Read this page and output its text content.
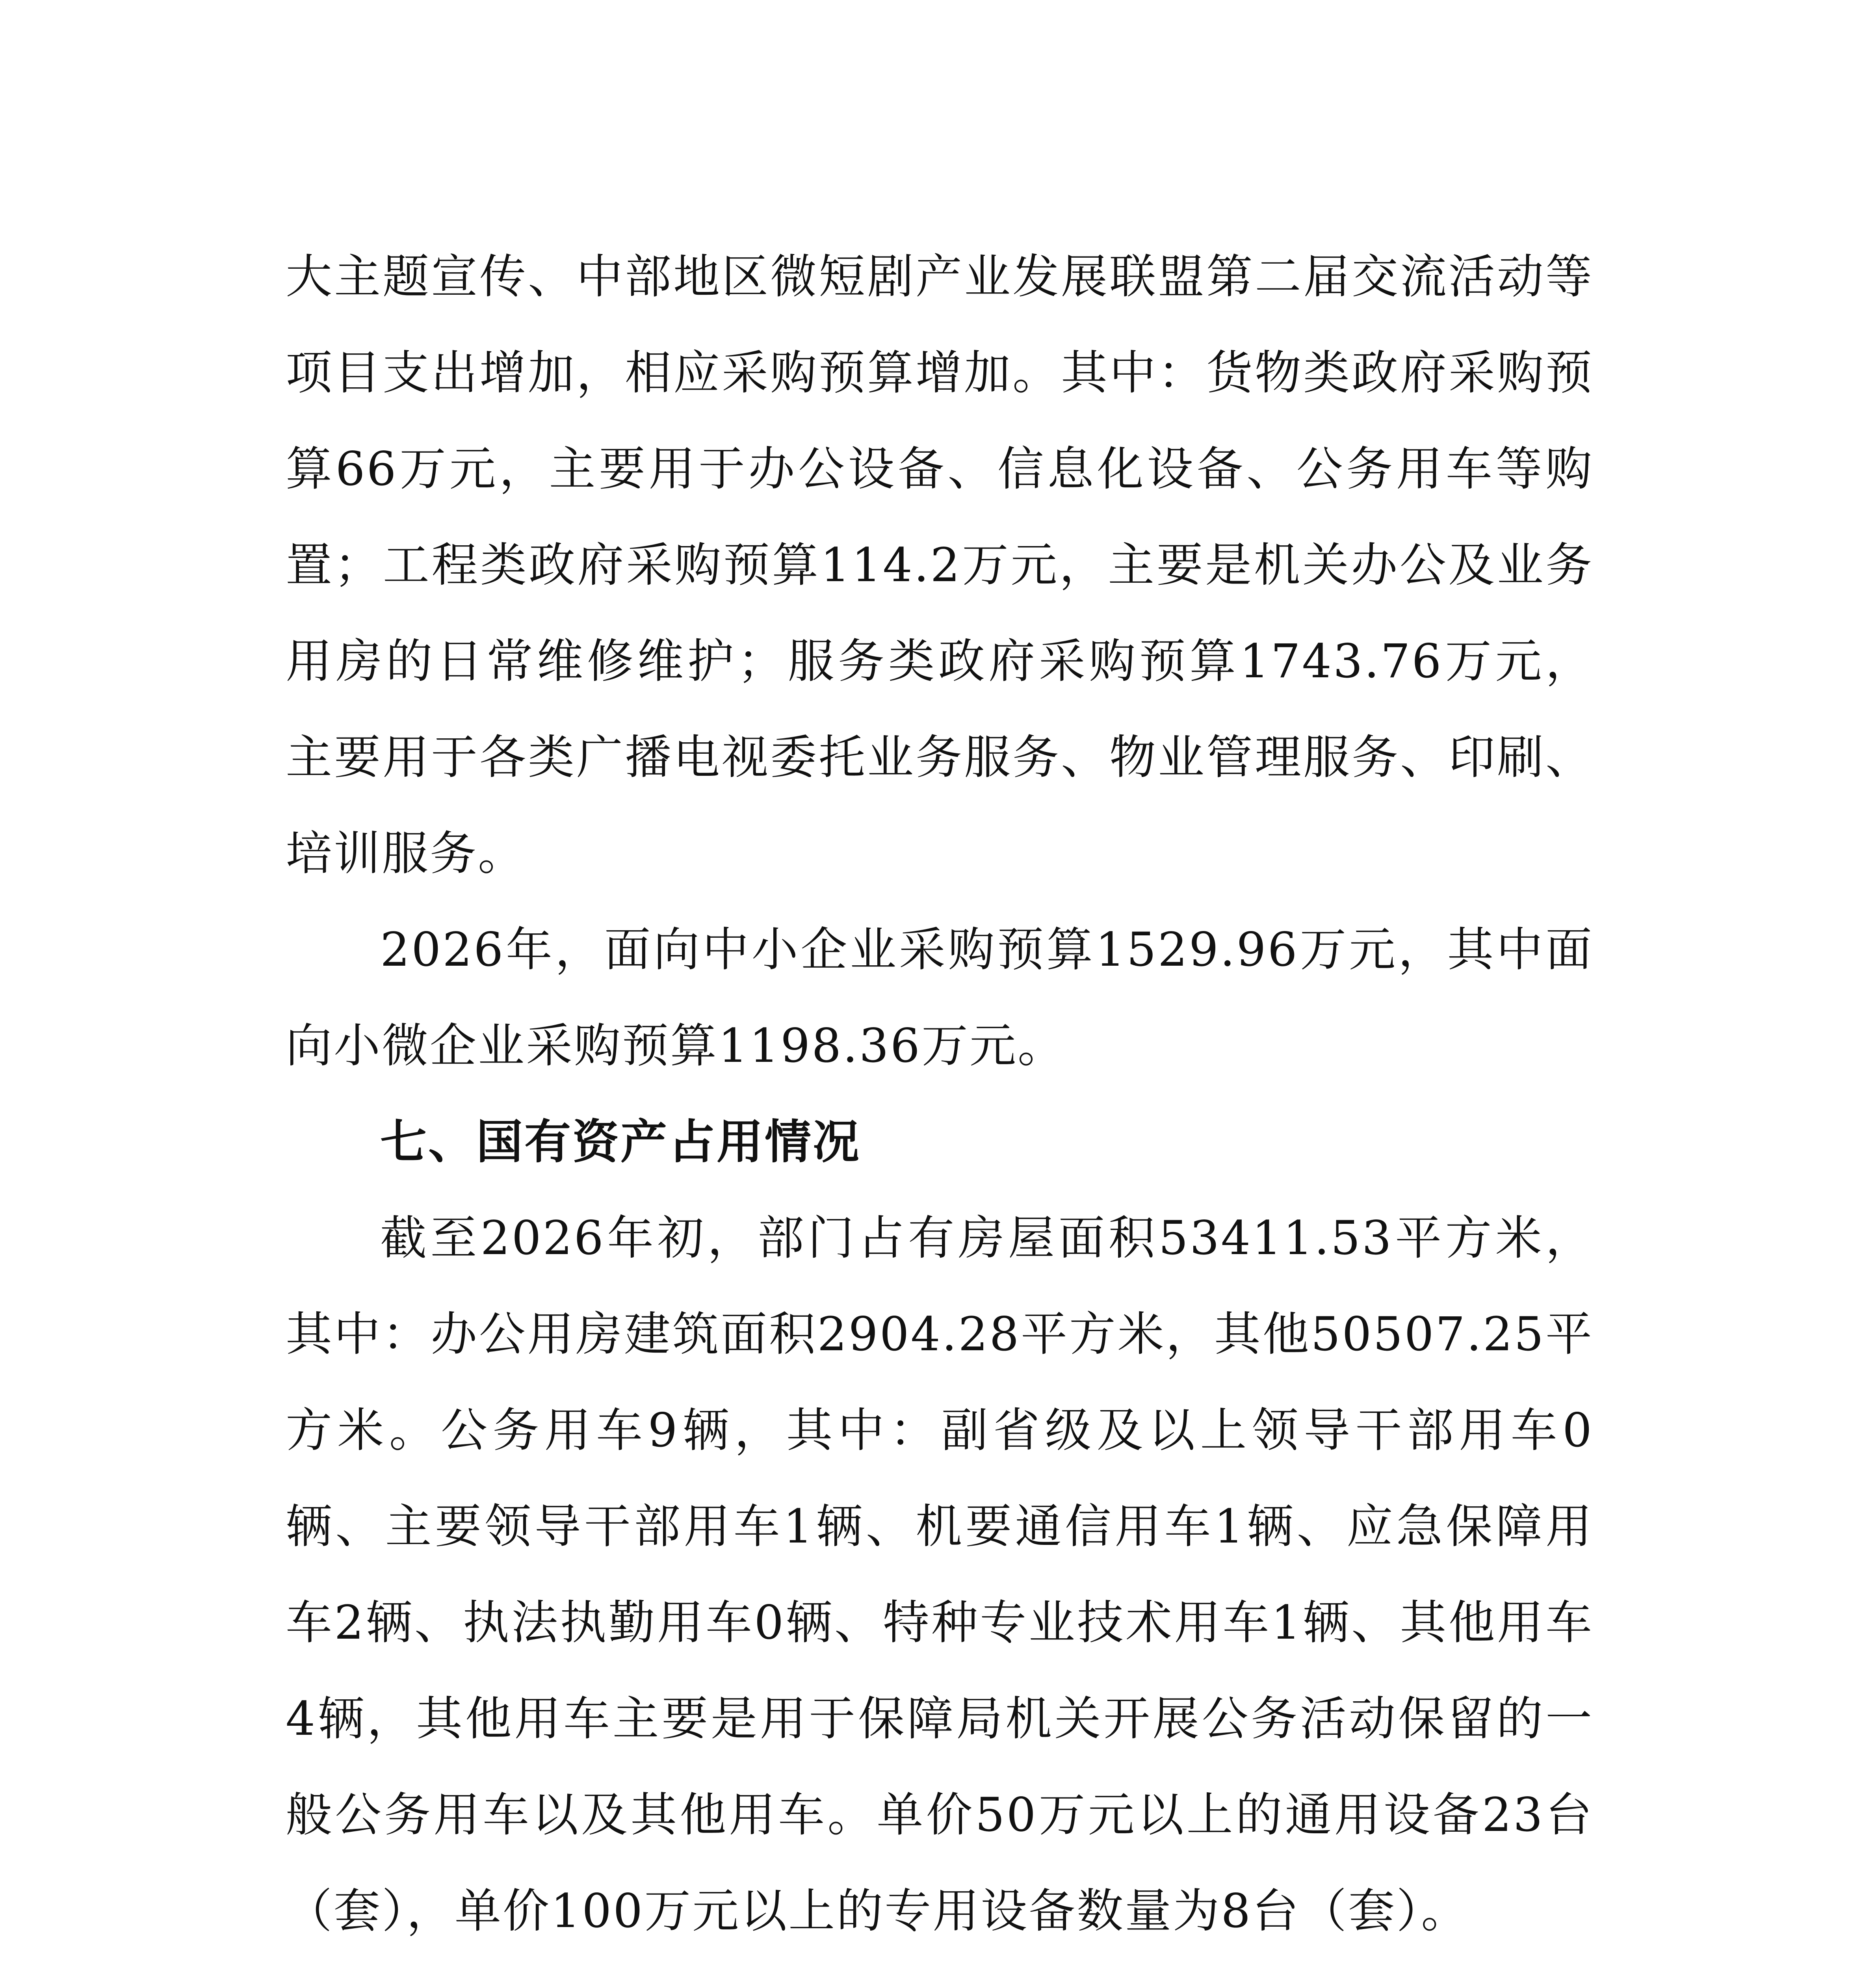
大主题宣传、中部地区微短剧产业发展联盟第二届交流活动等项目支出增加，相应采购预算增加。其中：货物类政府采购预算66万元，主要用于办公设备、信息化设备、公务用车等购置；工程类政府采购预算114.2万元，主要是机关办公及业务用房的日常维修维护；服务类政府采购预算1743.76万元，主要用于各类广播电视委托业务服务、物业管理服务、印刷、培训服务。

2026年，面向中小企业采购预算1529.96万元，其中面向小微企业采购预算1198.36万元。

七、国有资产占用情况

截至2026年初，部门占有房屋面积53411.53平方米，其中：办公用房建筑面积2904.28平方米，其他50507.25平方米。公务用车9辆，其中：副省级及以上领导干部用车0辆、主要领导干部用车1辆、机要通信用车1辆、应急保障用车2辆、执法执勤用车0辆、特种专业技术用车1辆、其他用车4辆，其他用车主要是用于保障局机关开展公务活动保留的一般公务用车以及其他用车。单价50万元以上的通用设备23台（套），单价100万元以上的专用设备数量为8台（套）。
